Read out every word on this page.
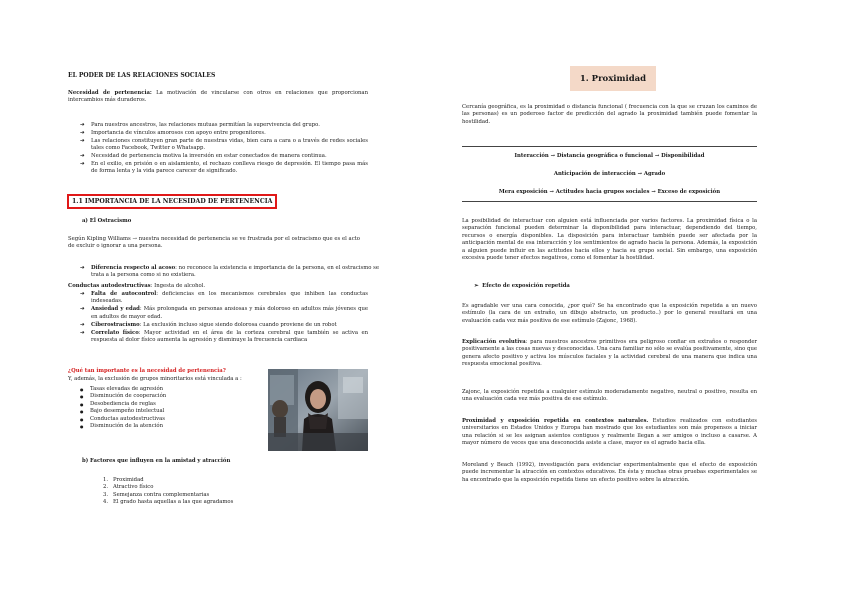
EL PODER DE LAS RELACIONES SOCIALES
Necesidad de pertenencia: La motivación de vincularse con otros en relaciones que proporcionan intercambios más duraderos.
➔ Para nuestros ancestros, las relaciones mutuas permitían la supervivencia del grupo.
➔ Importancia de vínculos amorosos con apoyo entre progenitores.
➔ Las relaciones constituyen gran parte de nuestras vidas, bien cara a cara o a través de redes sociales tales como Facebook, Twitter o Whatsapp.
➔ Necesidad de pertenencia motiva la inversión en estar conectados de manera continua.
➔ En el exilio, en prisión o en aislamiento, el rechazo conlleva riesgo de depresión. El tiempo pasa más de forma lenta y la vida parece carecer de significado.
1.1 IMPORTANCIA DE LA NECESIDAD DE PERTENENCIA
a) El Ostracismo
Según Kipling Williams → nuestra necesidad de pertenencia se ve frustrada por el ostracismo que es el acto de excluir o ignorar a una persona.
➔ Diferencia respecto al acoso: no reconoce la existencia e importancia de la persona, en el ostracismo se trata a la persona como si no existiera.
Conductas autodestructivas: Ingesta de alcohol.
➔ Falta de autocontrol: deficiencias en los mecanismos cerebrales que inhiben las conductas indeseadas.
➔ Ansiedad y edad: Más prolongada en personas ansiosas y más doloroso en adultos más jóvenes que en adultos de mayor edad.
➔ Ciberostracismo: La exclusión incluso sigue siendo dolorosa cuando proviene de un robot
➔ Correlato físico: Mayor actividad en el área de la corteza cerebral que también se activa en respuesta al dolor físico aumenta la agresión y disminuye la frecuencia cardiaca
¿Qué tan importante es la necesidad de pertenencia?
Y, además, la exclusión de grupos minoritarios está vinculada a :
● Tasas elevadas de agresión
● Disminución de cooperación
● Desobediencia de reglas
● Bajo desempeño intelectual
● Conductas autodestructivas
● Disminución de la atención
b) Factores que influyen en la amistad y atracción
1. Proximidad
2. Atractivo físico
3. Semejanza contra complementarias
4. El grado hasta aquellas a las que agradamos
1. Proximidad
Cercanía geográfica, es la proximidad o distancia funcional ( frecuencia con la que se cruzan los caminos de las personas) es un poderoso factor de predicción del agrado la proximidad también puede fomentar la hostilidad.
Interacción → Distancia geográfica o funcional → Disponibilidad
Anticipación de interacción → Agrado
Mera exposición → Actitudes hacia grupos sociales → Exceso de exposición
La posibilidad de interactuar con alguien está influenciada por varios factores. La proximidad física o la separación funcional pueden determinar la disponibilidad para interactuar, dependiendo del tiempo, recursos o energía disponibles. La disposición para interactuar también puede ser afectada por la anticipación mental de esa interacción y los sentimientos de agrado hacia la persona. Además, la exposición a alguien puede influir en las actitudes hacia ellos y hacia su grupo social. Sin embargo, una exposición excesiva puede tener efectos negativos, como el fomentar la hostilidad.
➢ Efecto de exposición repetida
Es agradable ver una cara conocida, ¿por qué? Se ha encontrado que la exposición repetida a un nuevo estímulo (la cara de un extraño, un dibujo abstracto, un producto..) por lo general resultará en una evaluación cada vez más positiva de ese estímulo (Zajonc, 1968).
Explicación evolutiva: para nuestros ancestros primitivos era peligroso confiar en extraños o responder positivamente a las cosas nuevas y desconocidas. Una cara familiar no sólo se evalúa positivamente, sino que genera afecto positivo y activa los músculos faciales y la actividad cerebral de una manera que indica una respuesta emocional positiva.
Zajonc, la exposición repetida a cualquier estímulo moderadamente negativo, neutral o positivo, resulta en una evaluación cada vez más positiva de ese estímulo.
Proximidad y exposición repetida en contextos naturales. Estudios realizados con estudiantes universitarios en Estados Unidos y Europa han mostrado que los estudiantes son más propensos a iniciar una relación si se les asignan asientos contiguos y realmente llegan a ser amigos o incluso a casarse. A mayor número de veces que una desconocida asiste a clase, mayor es el agrado hacia ella.
Moreland y Beach (1992), investigación para evidenciar experimentalmente que el efecto de exposición puede incrementar la atracción en contextos educativos. En ésta y muchas otras pruebas experimentales se ha encontrado que la exposición repetida tiene un efecto positivo sobre la atracción.
